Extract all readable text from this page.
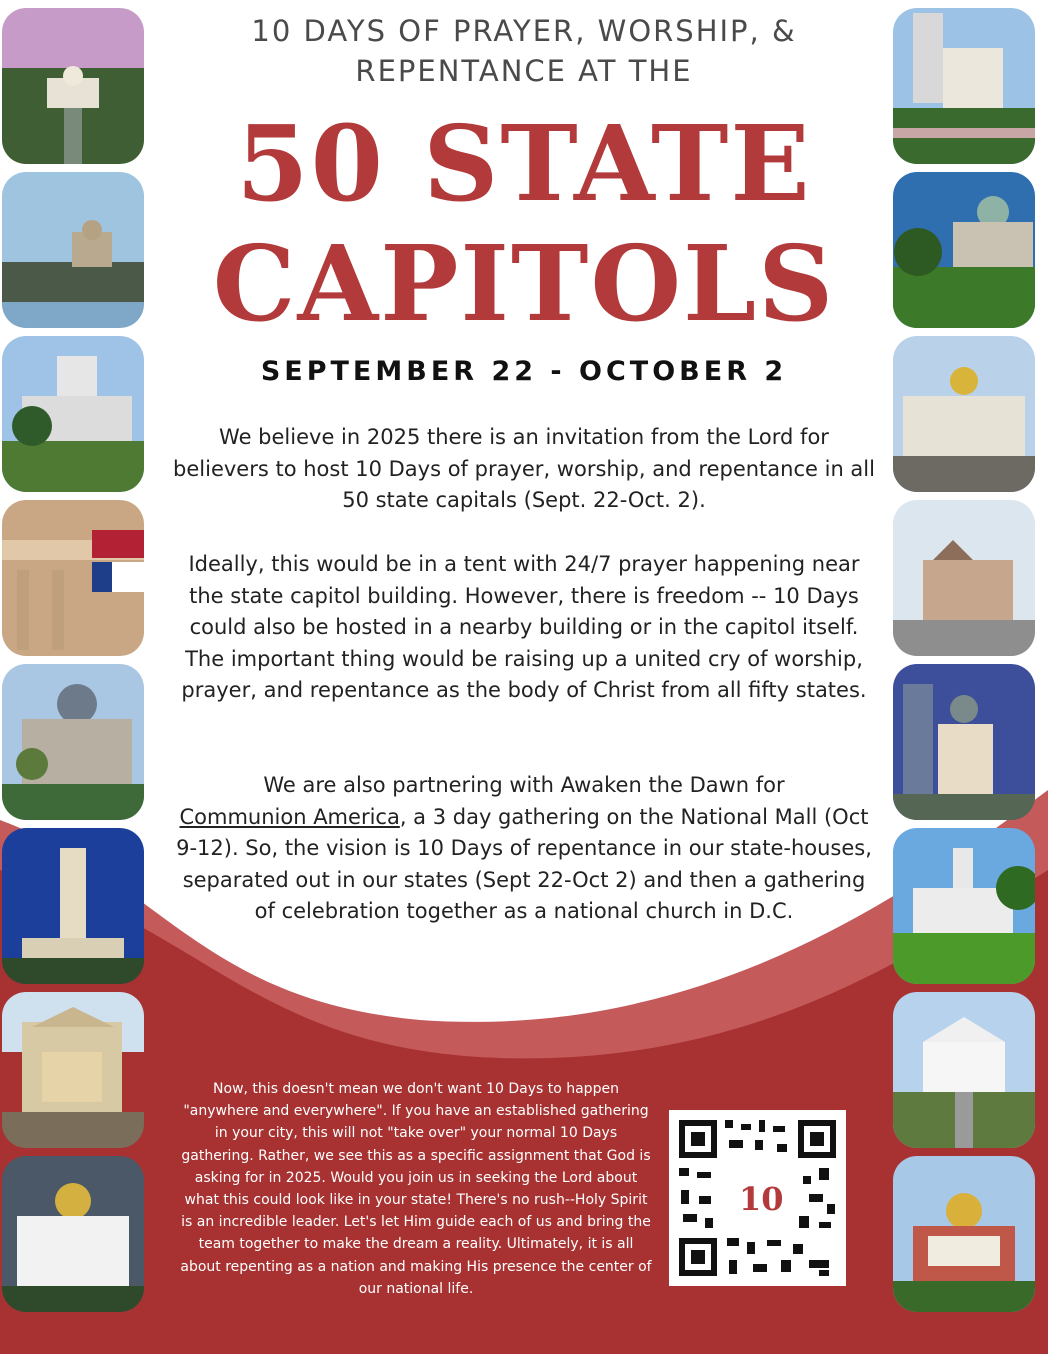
10 DAYS OF PRAYER, WORSHIP, &
REPENTANCE AT THE
50 STATE
CAPITOLS
SEPTEMBER 22 - OCTOBER 2

We believe in 2025 there is an invitation from the Lord for believers to host 10 Days of prayer, worship, and repentance in all 50 state capitals (Sept. 22-Oct. 2).

Ideally, this would be in a tent with 24/7 prayer happening near the state capitol building. However, there is freedom -- 10 Days could also be hosted in a nearby building or in the capitol itself. The important thing would be raising up a united cry of worship, prayer, and repentance as the body of Christ from all fifty states.

We are also partnering with Awaken the Dawn for
Communion America, a 3 day gathering on the National Mall (Oct 9-12). So, the vision is 10 Days of repentance in our state-houses, separated out in our states (Sept 22-Oct 2) and then a gathering of celebration together as a national church in D.C.

Now, this doesn't mean we don't want 10 Days to happen "anywhere and everywhere". If you have an established gathering in your city, this will not "take over" your normal 10 Days gathering. Rather, we see this as a specific assignment that God is asking for in 2025. Would you join us in seeking the Lord about what this could look like in your state! There's no rush--Holy Spirit is an incredible leader. Let's let Him guide each of us and bring the team together to make the dream a reality. Ultimately, it is all about repenting as a nation and making His presence the center of our national life.

10
